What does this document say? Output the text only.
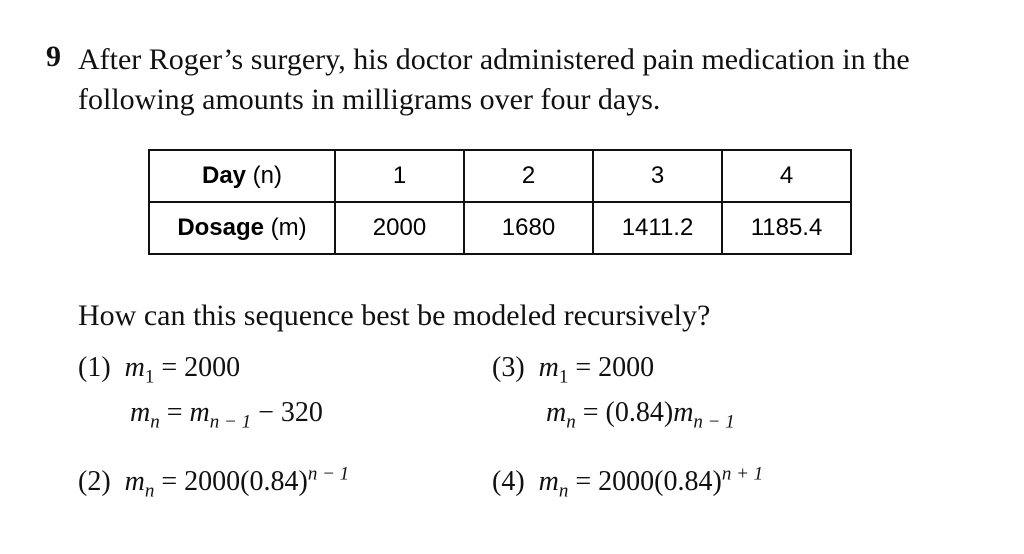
9 After Roger’s surgery, his doctor administered pain medication in the
following amounts in milligrams over four days.
Day (n)	1	2	3	4
Dosage (m)	2000	1680	1411.2	1185.4
How can this sequence best be modeled recursively?
(1) $m_1 = 2000$
$m_n = m_{n - 1} - 320$
(2) $m_n = 2000(0.84)^{n - 1}$
(3) $m_1 = 2000$
$m_n = (0.84)m_{n - 1}$
(4) $m_n = 2000(0.84)^{n + 1}$
